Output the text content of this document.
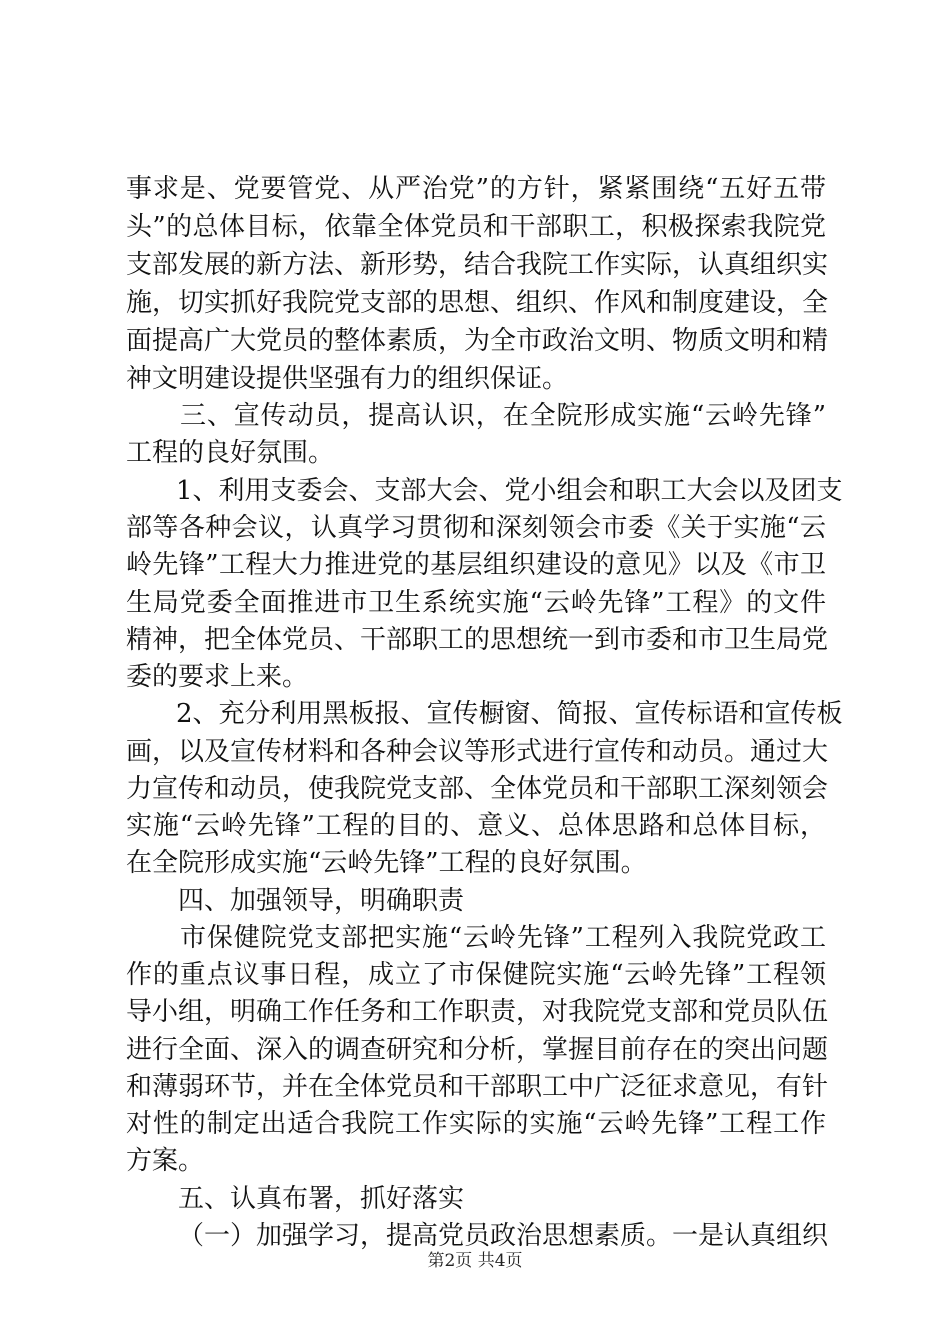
事求是、党要管党、从严治党”的方针，紧紧围绕“五好五带
头”的总体目标，依靠全体党员和干部职工，积极探索我院党
支部发展的新方法、新形势，结合我院工作实际，认真组织实
施，切实抓好我院党支部的思想、组织、作风和制度建设，全
面提高广大党员的整体素质，为全市政治文明、物质文明和精
神文明建设提供坚强有力的组织保证。
三、宣传动员，提高认识，在全院形成实施“云岭先锋”
工程的良好氛围。
1、利用支委会、支部大会、党小组会和职工大会以及团支
部等各种会议，认真学习贯彻和深刻领会市委《关于实施“云
岭先锋”工程大力推进党的基层组织建设的意见》以及《市卫
生局党委全面推进市卫生系统实施“云岭先锋”工程》的文件
精神，把全体党员、干部职工的思想统一到市委和市卫生局党
委的要求上来。
2、充分利用黑板报、宣传橱窗、简报、宣传标语和宣传板
画，以及宣传材料和各种会议等形式进行宣传和动员。通过大
力宣传和动员，使我院党支部、全体党员和干部职工深刻领会
实施“云岭先锋”工程的目的、意义、总体思路和总体目标，
在全院形成实施“云岭先锋”工程的良好氛围。
四、加强领导，明确职责
市保健院党支部把实施“云岭先锋”工程列入我院党政工
作的重点议事日程，成立了市保健院实施“云岭先锋”工程领
导小组，明确工作任务和工作职责，对我院党支部和党员队伍
进行全面、深入的调查研究和分析，掌握目前存在的突出问题
和薄弱环节，并在全体党员和干部职工中广泛征求意见，有针
对性的制定出适合我院工作实际的实施“云岭先锋”工程工作
方案。
五、认真布署，抓好落实
（一）加强学习，提高党员政治思想素质。一是认真组织
第2页 共4页
